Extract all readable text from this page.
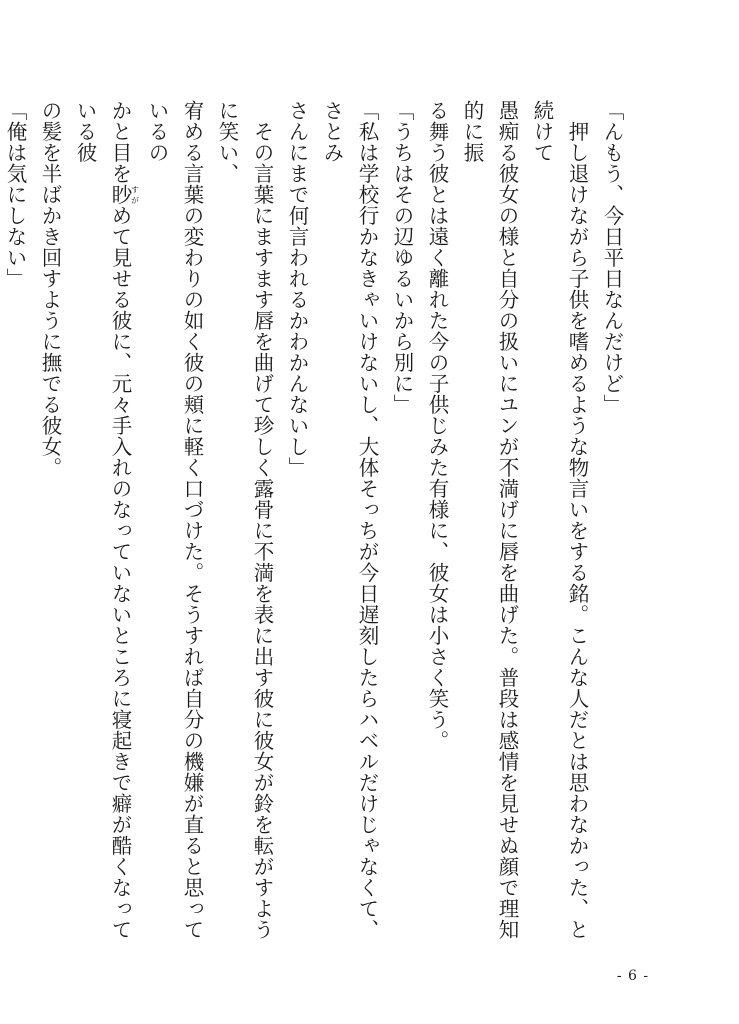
「んもう、今日平日なんだけど」

　押し退けながら子供を嗜めるような物言いをする銘。こんな人だとは思わなかった、と続けて

愚痴る彼女の様と自分の扱いにユンが不満げに唇を曲げた。普段は感情を見せぬ顔で理知的に振

る舞う彼とは遠く離れた今の子供じみた有様に、彼女は小さく笑う。

「うちはその辺ゆるいから別に」

「私は学校行かなきゃいけないし、大体そっちが今日遅刻したらハベルだけじゃなくて、さとみ

さんにまで何言われるかわかんないし」

　その言葉にますます唇を曲げて珍しく露骨に不満を表に出す彼に彼女が鈴を転がすように笑い、

宥める言葉の変わりの如く彼の頬に軽く口づけた。そうすれば自分の機嫌が直ると思っているの

かと目を眇すがめて見せる彼に、元々手入れのなっていないところに寝起きで癖が酷くなっている彼

の髪を半ばかき回すように撫でる彼女。

「俺は気にしない」

- 6 -
